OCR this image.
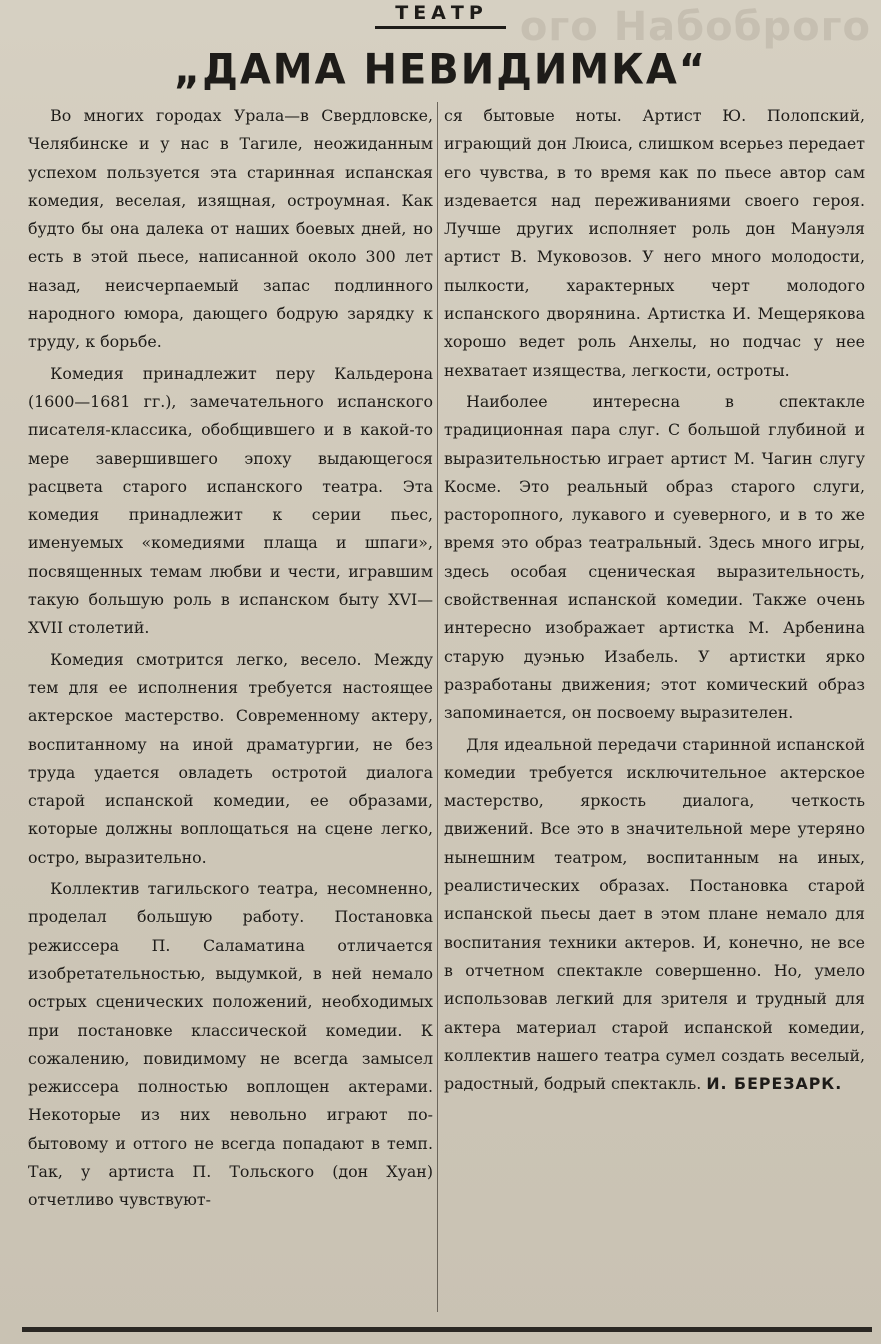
ого Набоброго
ТЕАТР
„ДАМА НЕВИДИМКА“

Во многих городах Урала—в Свердловске, Челябинске и у нас в Тагиле, неожиданным успехом пользуется эта старинная испанская комедия, веселая, изящная, остроумная. Как будто бы она далека от наших боевых дней, но есть в этой пьесе, написанной около 300 лет назад, неисчерпаемый запас подлинного народного юмора, дающего бодрую зарядку к труду, к борьбе.

Комедия принадлежит перу Кальдерона (1600—1681 гг.), замечательного испанского писателя-классика, обобщившего и в какой-то мере завершившего эпоху выдающегося расцвета старого испанского театра. Эта комедия принадлежит к серии пьес, именуемых «комедиями плаща и шпаги», посвященных темам любви и чести, игравшим такую большую роль в испанском быту XVI—XVII столетий.

Комедия смотрится легко, весело. Между тем для ее исполнения требуется настоящее актерское мастерство. Современному актеру, воспитанному на иной драматургии, не без труда удается овладеть остротой диалога старой испанской комедии, ее образами, которые должны воплощаться на сцене легко, остро, выразительно.

Коллектив тагильского театра, несомненно, проделал большую работу. Постановка режиссера П. Саламатина отличается изобретательностью, выдумкой, в ней немало острых сценических положений, необходимых при постановке классической комедии. К сожалению, повидимому не всегда замысел режиссера полностью воплощен актерами. Некоторые из них невольно играют по-бытовому и оттого не всегда попадают в темп. Так, у артиста П. Тольского (дон Хуан) отчетливо чувствуют-

ся бытовые ноты. Артист Ю. Полопский, играющий дон Люиса, слишком всерьез передает его чувства, в то время как по пьесе автор сам издевается над переживаниями своего героя. Лучше других исполняет роль дон Мануэля артист В. Муковозов. У него много молодости, пылкости, характерных черт молодого испанского дворянина. Артистка И. Мещерякова хорошо ведет роль Анхелы, но подчас у нее нехватает изящества, легкости, остроты.

Наиболее интересна в спектакле традиционная пара слуг. С большой глубиной и выразительностью играет артист М. Чагин слугу Косме. Это реальный образ старого слуги, расторопного, лукавого и суеверного, и в то же время это образ театральный. Здесь много игры, здесь особая сценическая выразительность, свойственная испанской комедии. Также очень интересно изображает артистка М. Арбенина старую дуэнью Изабель. У артистки ярко разработаны движения; этот комический образ запоминается, он посвоему выразителен.

Для идеальной передачи старинной испанской комедии требуется исключительное актерское мастерство, яркость диалога, четкость движений. Все это в значительной мере утеряно нынешним театром, воспитанным на иных, реалистических образах. Постановка старой испанской пьесы дает в этом плане немало для воспитания техники актеров. И, конечно, не все в отчетном спектакле совершенно. Но, умело использовав легкий для зрителя и трудный для актера материал старой испанской комедии, коллектив нашего театра сумел создать веселый, радостный, бодрый спектакль. И. БЕРЕЗАРК.
